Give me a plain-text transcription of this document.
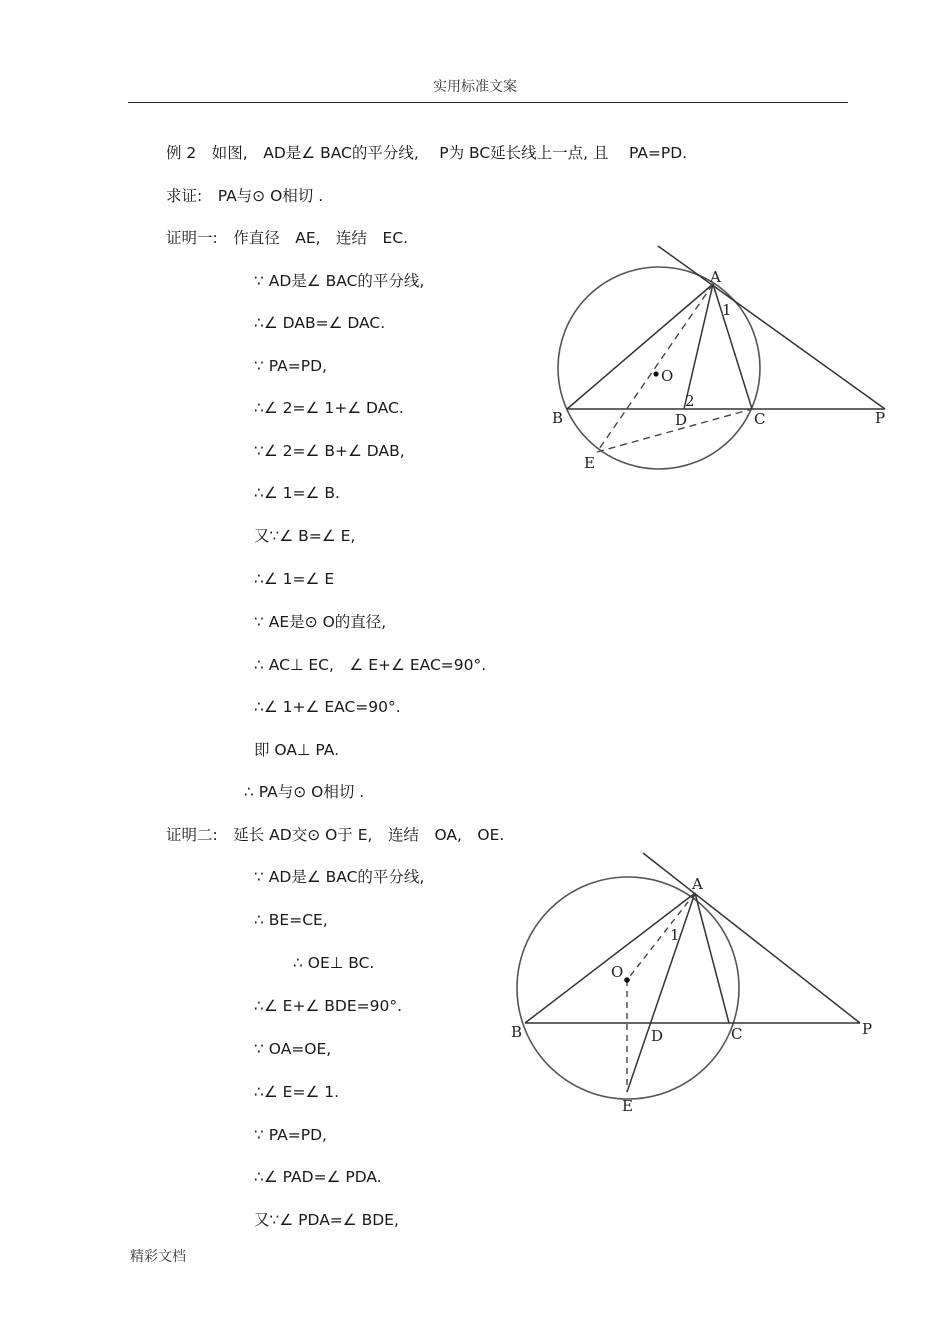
实用标准文案
例 2　如图,　AD是∠ BAC的平分线,　 P为 BC延长线上一点, 且　 PA=PD.
求证:　PA与⊙ O相切 .
证明一:　作直径　AE,　连结　EC.
∵ AD是∠ BAC的平分线,
∴∠ DAB=∠ DAC.
∵ PA=PD,
∴∠ 2=∠ 1+∠ DAC.
∵∠ 2=∠ B+∠ DAB,
∴∠ 1=∠ B.
又∵∠ B=∠ E,
∴∠ 1=∠ E
∵ AE是⊙ O的直径,
∴ AC⊥ EC,　∠ E+∠ EAC=90°.
∴∠ 1+∠ EAC=90°.
即 OA⊥ PA.
∴ PA与⊙ O相切 .
证明二:　延长 AD交⊙ O于 E,　连结　OA,　OE.
∵ AD是∠ BAC的平分线,
∴ BE=CE,
∴ OE⊥ BC.
∴∠ E+∠ BDE=90°.
∵ OA=OE,
∴∠ E=∠ 1.
∵ PA=PD,
∴∠ PAD=∠ PDA.
又∵∠ PDA=∠ BDE,
A
B	C
D
E
P
O
1
2
A
B	C
D
E
P
O
1
精彩文档
